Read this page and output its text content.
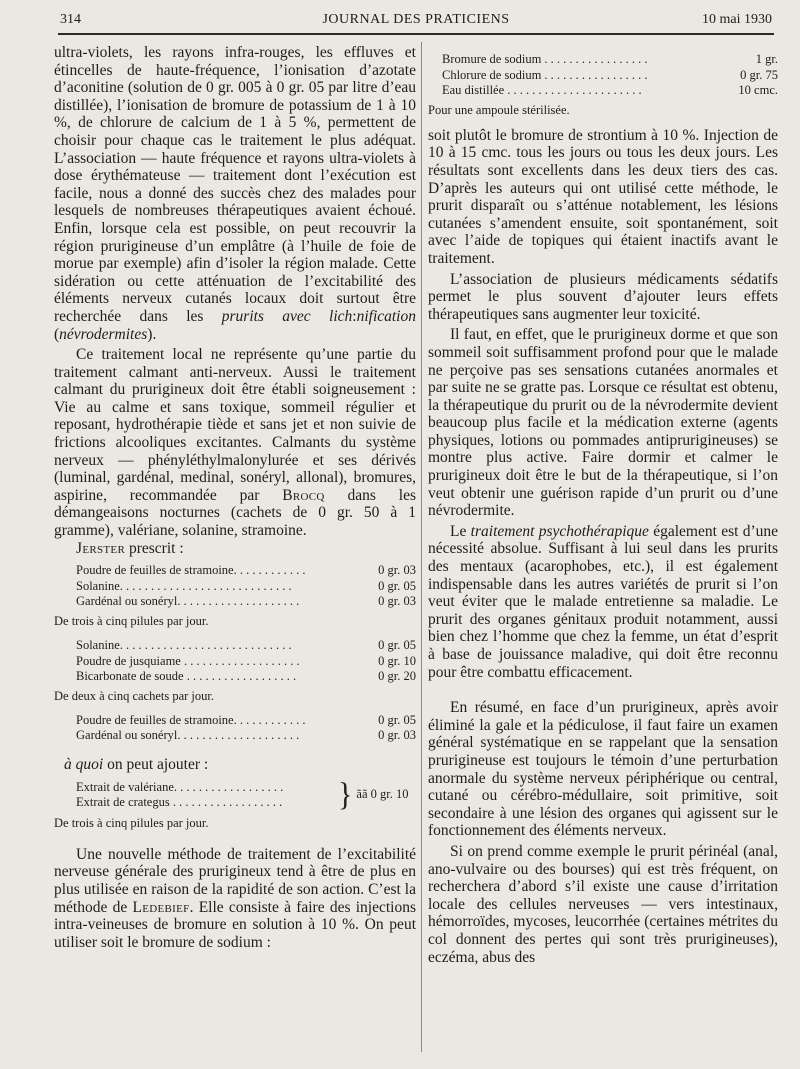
JOURNAL DES PRATICIENS
314	10 mai 1930

ultra-violets, les rayons infra-rouges, les effluves et étincelles de haute-fréquence, l’ionisation d’azotate d’aconitine (solution de 0 gr. 005 à 0 gr. 05 par litre d’eau distillée), l’ionisation de bromure de potassium de 1 à 10 %, de chlorure de calcium de 1 à 5 %, permettent de choisir pour chaque cas le traitement le plus adéquat. L’association — haute fréquence et rayons ultra-violets à dose érythémateuse — traitement dont l’exécution est facile, nous a donné des succès chez des malades pour lesquels de nombreuses thérapeutiques avaient échoué. Enfin, lorsque cela est possible, on peut recouvrir la région prurigineuse d’un emplâtre (à l’huile de foie de morue par exemple) afin d’isoler la région malade. Cette sidération ou cette atténuation de l’excitabilité des éléments nerveux cutanés locaux doit surtout être recherchée dans les prurits avec lich:nification (névrodermites).

Ce traitement local ne représente qu’une partie du traitement calmant anti-nerveux. Aussi le traitement calmant du prurigineux doit être établi soigneusement : Vie au calme et sans toxique, sommeil régulier et reposant, hydrothérapie tiède et sans jet et non suivie de frictions alcooliques excitantes. Calmants du système nerveux — phényléthylmalonylurée et ses dérivés (luminal, gardénal, medinal, sonéryl, allonal), bromures, aspirine, recommandée par Brocq dans les démangeaisons nocturnes (cachets de 0 gr. 50 à 1 gramme), valériane, solanine, stramoine.

Jerster prescrit :

Poudre de feuilles de stramoine. . . . . . . . . . . .	0 gr. 03
Solanine. . . . . . . . . . . . . . . . . . . . . . . . . . . .	0 gr. 05
Gardénal ou sonéryl. . . . . . . . . . . . . . . . . . . .	0 gr. 03

De trois à cinq pilules par jour.

Solanine. . . . . . . . . . . . . . . . . . . . . . . . . . . .	0 gr. 05
Poudre de jusquiame . . . . . . . . . . . . . . . . . . .	0 gr. 10
Bicarbonate de soude . . . . . . . . . . . . . . . . . .	0 gr. 20

De deux à cinq cachets par jour.

Poudre de feuilles de stramoine. . . . . . . . . . . .	0 gr. 05
Gardénal ou sonéryl. . . . . . . . . . . . . . . . . . . .	0 gr. 03

à quoi on peut ajouter :

Extrait de valériane. . . . . . . . . . . . . . . . . .
Extrait de crategus . . . . . . . . . . . . . . . . . .	} ãã 0 gr. 10

De trois à cinq pilules par jour.

Une nouvelle méthode de traitement de l’excitabilité nerveuse générale des prurigineux tend à être de plus en plus utilisée en raison de la rapidité de son action. C’est la méthode de Ledebief. Elle consiste à faire des injections intra-veineuses de bromure en solution à 10 %. On peut utiliser soit le bromure de sodium :

Bromure de sodium . . . . . . . . . . . . . . . . .	1 gr.
Chlorure de sodium . . . . . . . . . . . . . . . . .	0 gr. 75
Eau distillée . . . . . . . . . . . . . . . . . . . . . .	10 cmc.

Pour une ampoule stérilisée.

soit plutôt le bromure de strontium à 10 %. Injection de 10 à 15 cmc. tous les jours ou tous les deux jours. Les résultats sont excellents dans les deux tiers des cas. D’après les auteurs qui ont utilisé cette méthode, le prurit disparaît ou s’atténue notablement, les lésions cutanées s’amendent ensuite, soit spontanément, soit avec l’aide de topiques qui étaient inactifs avant le traitement.

L’association de plusieurs médicaments sédatifs permet le plus souvent d’ajouter leurs effets thérapeutiques sans augmenter leur toxicité.

Il faut, en effet, que le prurigineux dorme et que son sommeil soit suffisamment profond pour que le malade ne perçoive pas ses sensations cutanées anormales et par suite ne se gratte pas. Lorsque ce résultat est obtenu, la thérapeutique du prurit ou de la névrodermite devient beaucoup plus facile et la médication externe (agents physiques, lotions ou pommades antiprurigineuses) se montre plus active. Faire dormir et calmer le prurigineux doit être le but de la thérapeutique, si l’on veut obtenir une guérison rapide d’un prurit ou d’une névrodermite.

Le traitement psychothérapique également est d’une nécessité absolue. Suffisant à lui seul dans les prurits des mentaux (acarophobes, etc.), il est également indispensable dans les autres variétés de prurit si l’on veut éviter que le malade entretienne sa maladie. Le prurit des organes génitaux produit notamment, aussi bien chez l’homme que chez la femme, un état d’esprit à base de jouissance maladive, qui doit être reconnu pour être combattu efficacement.

En résumé, en face d’un prurigineux, après avoir éliminé la gale et la pédiculose, il faut faire un examen général systématique en se rappelant que la sensation prurigineuse est toujours le témoin d’une perturbation anormale du système nerveux périphérique ou central, cutané ou cérébro-médullaire, soit primitive, soit secondaire à une lésion des organes qui agissent sur le fonctionnement des éléments nerveux.

Si on prend comme exemple le prurit périnéal (anal, ano-vulvaire ou des bourses) qui est très fréquent, on recherchera d’abord s’il existe une cause d’irritation locale des cellules nerveuses — vers intestinaux, hémorroïdes, mycoses, leucorrhée (certaines métrites du col donnent des pertes qui sont très prurigineuses), eczéma, abus des
